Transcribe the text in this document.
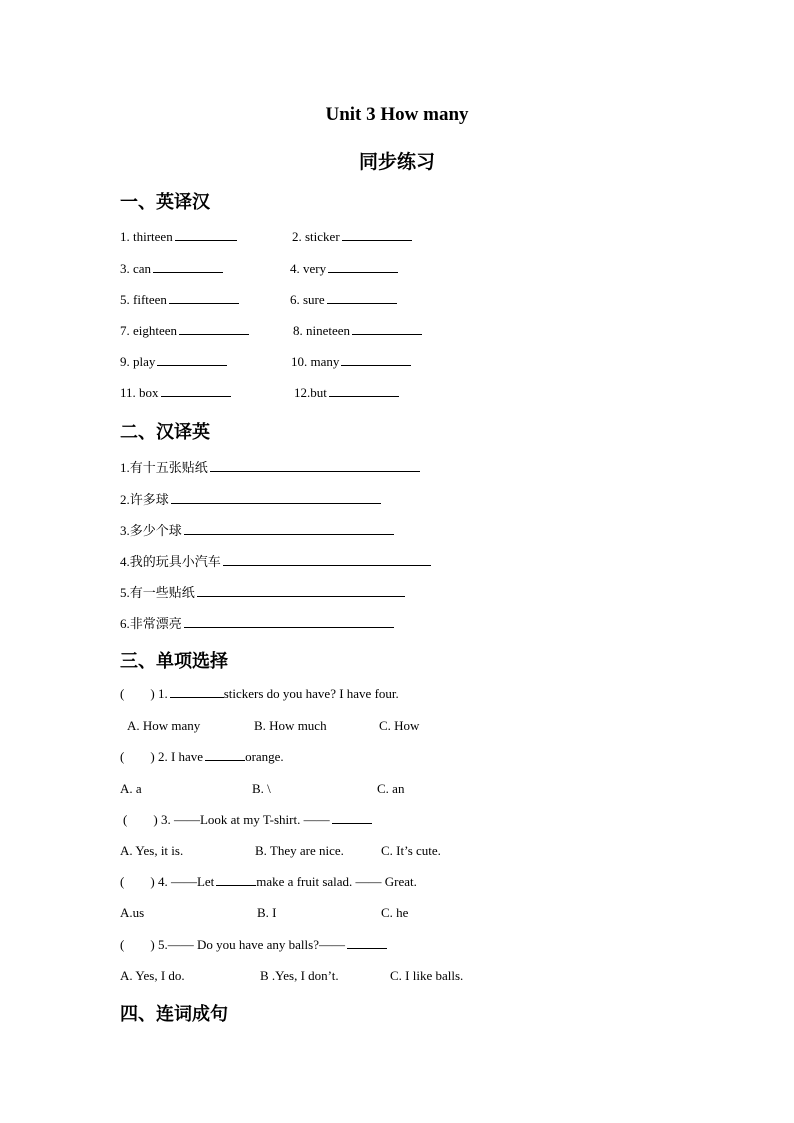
Unit 3 How many
同步练习
一、英译汉
1. thirteen	2. sticker
3. can	4. very
5. fifteen	6. sure
7. eighteen	8. nineteen
9. play	10. many
11. box	12.but
二、汉译英
1.有十五张贴纸
2.许多球
3.多少个球
4.我的玩具小汽车
5.有一些贴纸
6.非常漂亮
三、单项选择
( ) 1.	stickers do you have? I have four.
A. How many	B. How much	C. How
( ) 2. I have	orange.
A. a	B. \	C. an
( ) 3. ——Look at my T-shirt. ——
A. Yes, it is.	B. They are nice.	C. It’s cute.
( ) 4. ——Let	make a fruit salad. —— Great.
A.us	B. I	C. he
( ) 5.—— Do you have any balls?——
A. Yes, I do.	B .Yes, I don’t.	C. I like balls.
四、连词成句
